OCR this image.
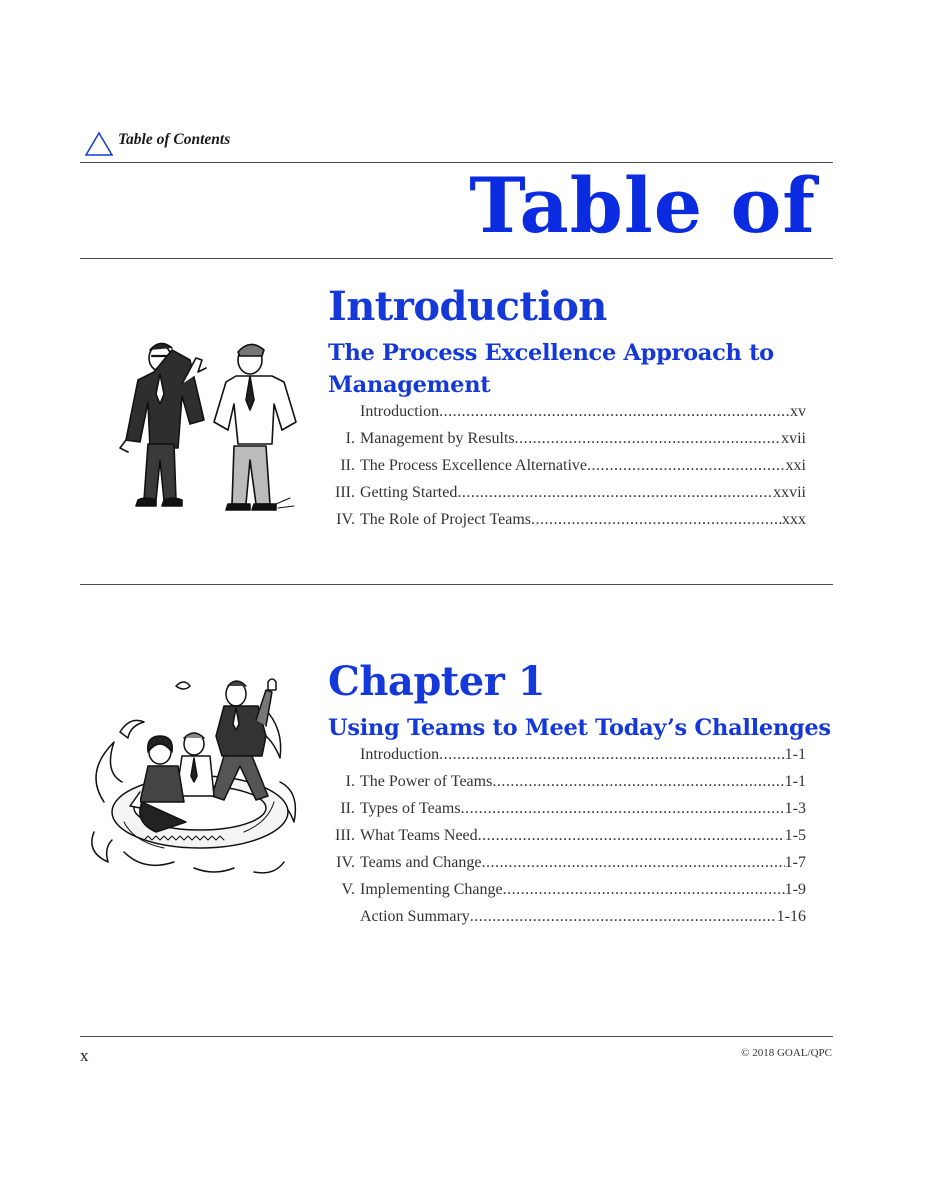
Table of Contents
Table of
Introduction
The Process Excellence Approach to
Management
Introduction .....	xv
I. Management by Results .....	xvii
II. The Process Excellence Alternative .....	xxi
III. Getting Started .....	xxvii
IV. The Role of Project Teams .....	xxx
Chapter 1
Using Teams to Meet Today’s Challenges
Introduction .....	1-1
I. The Power of Teams .....	1-1
II. Types of Teams .....	1-3
III. What Teams Need .....	1-5
IV. Teams and Change .....	1-7
V. Implementing Change .....	1-9
Action Summary .....	1-16
x	© 2018 GOAL/QPC
